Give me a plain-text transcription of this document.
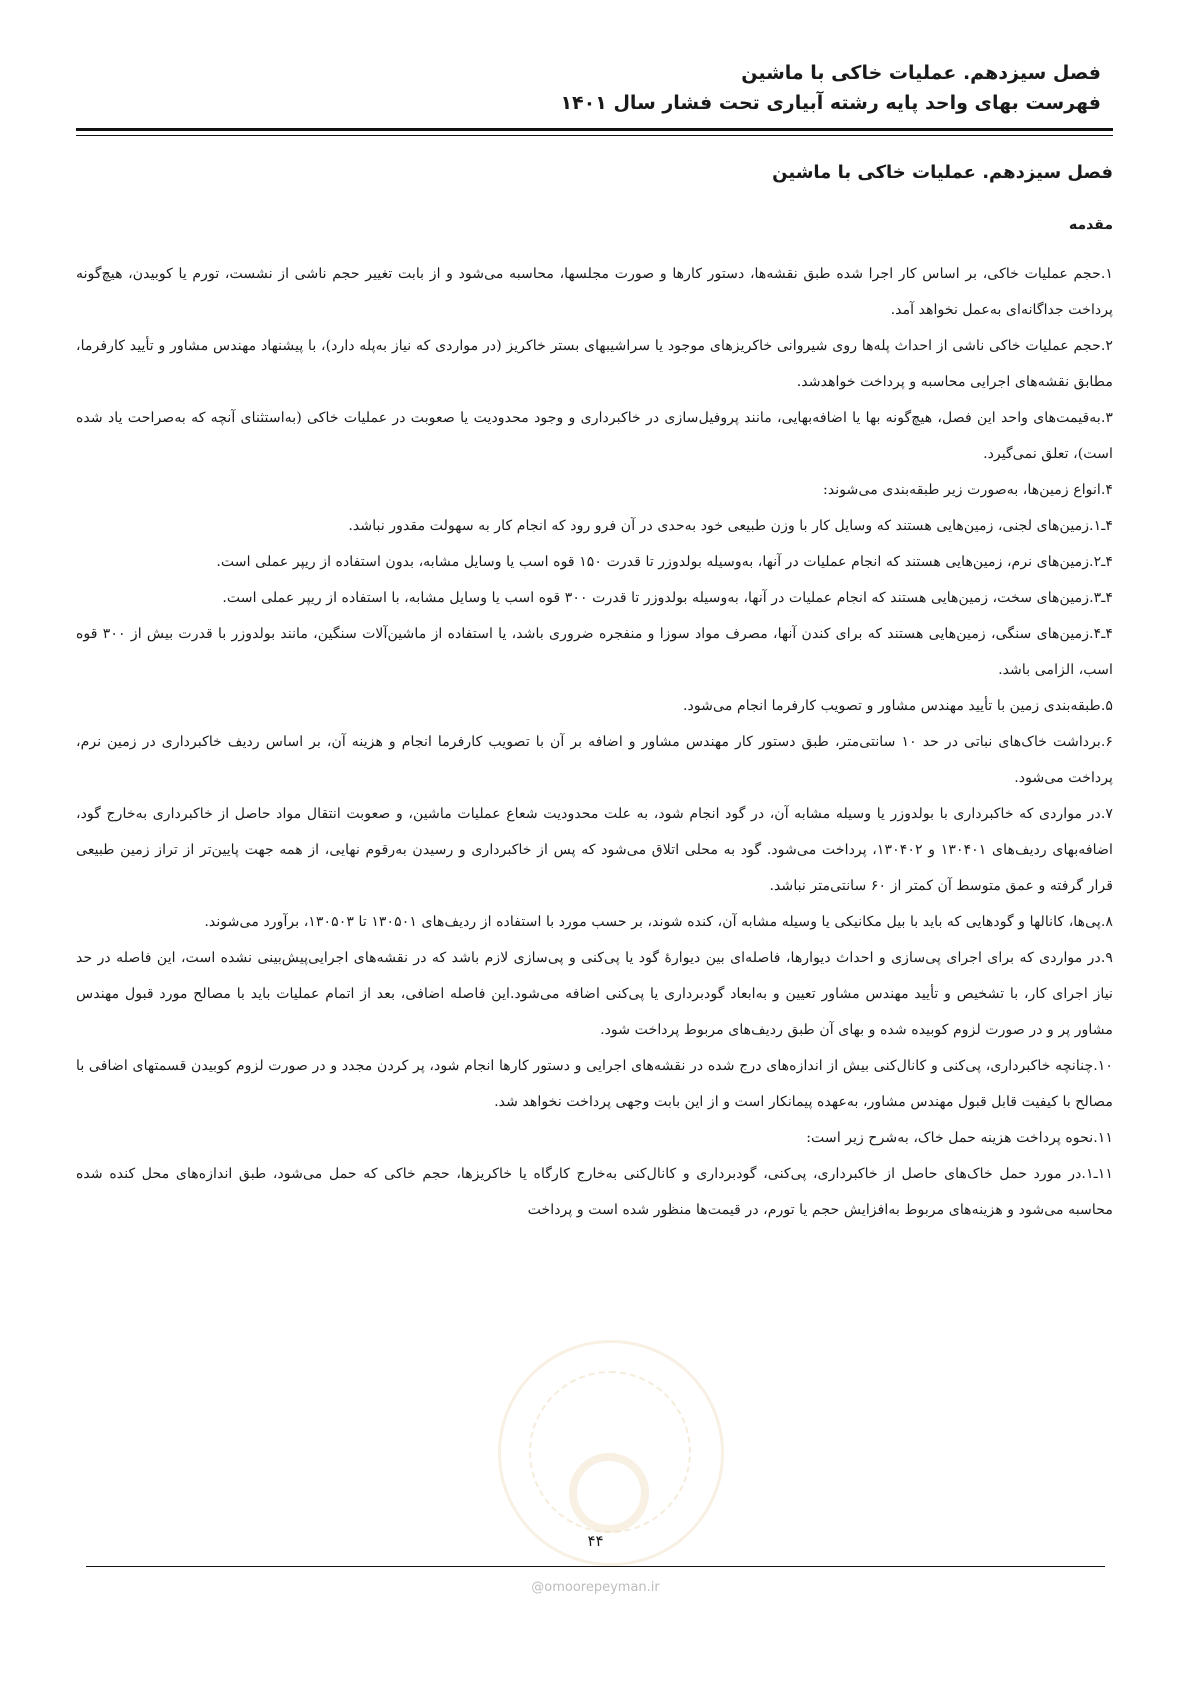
فصل سیزدهم. عملیات خاکی با ماشین
فهرست بهای واحد پایه رشته آبیاری تحت فشار سال ۱۴۰۱
فصل سیزدهم. عملیات خاکی با ماشین
مقدمه

۱.حجم عملیات خاکی، بر اساس کار اجرا شده طبق نقشه‌ها، دستور کارها و صورت مجلسها، محاسبه می‌شود و از بابت تغییر حجم ناشی از نشست، تورم یا کوبیدن، هیچ‌گونه پرداخت جداگانه‌ای به‌عمل نخواهد آمد.

۲.حجم عملیات خاکی ناشی از احداث پله‌ها روی شیروانی خاکریزهای موجود یا سراشیبهای بستر خاکریز (در مواردی که نیاز به‌پله دارد)، با پیشنهاد مهندس مشاور و تأیید کارفرما، مطابق نقشه‌های اجرایی محاسبه و پرداخت خواهدشد.

۳.به‌قیمت‌های واحد این فصل، هیچ‌گونه بها یا اضافه‌بهایی، مانند پروفیل‌سازی در خاکبرداری و وجود محدودیت یا صعوبت در عملیات خاکی (به‌استثنای آنچه که به‌صراحت یاد شده است)، تعلق نمی‌گیرد.

۴.انواع زمین‌ها، به‌صورت زیر طبقه‌بندی می‌شوند:

۴ـ۱.زمین‌های لجنی، زمین‌هایی هستند که وسایل کار با وزن طبیعی خود به‌حدی در آن فرو رود که انجام کار به سهولت مقدور نباشد.

۴ـ۲.زمین‌های نرم، زمین‌هایی هستند که انجام عملیات در آنها، به‌وسیله بولدوزر تا قدرت ۱۵۰ قوه اسب یا وسایل مشابه، بدون استفاده از ریپر عملی است.

۴ـ۳.زمین‌های سخت، زمین‌هایی هستند که انجام عملیات در آنها، به‌وسیله بولدوزر تا قدرت ۳۰۰ قوه اسب یا وسایل مشابه، با استفاده از ریپر عملی است.

۴ـ۴.زمین‌های سنگی، زمین‌هایی هستند که برای کندن آنها، مصرف مواد سوزا و منفجره ضروری باشد، یا استفاده از ماشین‌آلات سنگین، مانند بولدوزر با قدرت بیش از ۳۰۰ قوه اسب، الزامی باشد.

۵.طبقه‌بندی زمین با تأیید مهندس مشاور و تصویب کارفرما انجام می‌شود.

۶.برداشت خاک‌های نباتی در حد ۱۰ سانتی‌متر، طبق دستور کار مهندس مشاور و اضافه بر آن با تصویب کارفرما انجام و هزینه آن، بر اساس ردیف خاکبرداری در زمین نرم، پرداخت می‌شود.

۷.در مواردی که خاکبرداری با بولدوزر یا وسیله مشابه آن، در گود انجام شود، به علت محدودیت شعاع عملیات ماشین، و صعوبت انتقال مواد حاصل از خاکبرداری به‌خارج گود، اضافه‌بهای ردیف‌های ۱۳۰۴۰۱ و ۱۳۰۴۰۲، پرداخت می‌شود. گود به محلی اتلاق می‌شود که پس از خاکبرداری و رسیدن به‌رقوم نهایی، از همه جهت پایین‌تر از تراز زمین طبیعی قرار گرفته و عمق متوسط آن کمتر از ۶۰ سانتی‌متر نباشد.

۸.پی‌ها، کانالها و گودهایی که باید با بیل مکانیکی یا وسیله مشابه آن، کنده شوند، بر حسب مورد با استفاده از ردیف‌های ۱۳۰۵۰۱ تا ۱۳۰۵۰۳، برآورد می‌شوند.

۹.در مواردی که برای اجرای پی‌سازی و احداث دیوارها، فاصله‌ای بین دیوارهٔ گود یا پی‌کنی و پی‌سازی لازم باشد که در نقشه‌های اجرایی‌پیش‌بینی نشده است، این فاصله در حد نیاز اجرای کار، با تشخیص و تأیید مهندس مشاور تعیین و به‌ابعاد گودبرداری یا پی‌کنی اضافه می‌شود.این فاصله اضافی، بعد از اتمام عملیات باید با مصالح مورد قبول مهندس مشاور پر و در صورت لزوم کوبیده شده و بهای آن طبق ردیف‌های مربوط پرداخت شود.

۱۰.چنانچه خاکبرداری، پی‌کنی و کانال‌کنی بیش از اندازه‌های درج شده در نقشه‌های اجرایی و دستور کارها انجام شود، پر کردن مجدد و در صورت لزوم کوبیدن قسمتهای اضافی با مصالح با کیفیت قابل قبول مهندس مشاور، به‌عهده پیمانکار است و از این بابت وجهی پرداخت نخواهد شد.

۱۱.نحوه پرداخت هزینه حمل خاک، به‌شرح زیر است:

۱۱ـ۱.در مورد حمل خاک‌های حاصل از خاکبرداری، پی‌کنی، گودبرداری و کانال‌کنی به‌خارج کارگاه یا خاکریزها، حجم خاکی که حمل می‌شود، طبق اندازه‌های محل کنده شده محاسبه می‌شود و هزینه‌های مربوط به‌افزایش حجم یا تورم، در قیمت‌ها منظور شده است و پرداخت

۴۴
@omoorepeyman.ir
